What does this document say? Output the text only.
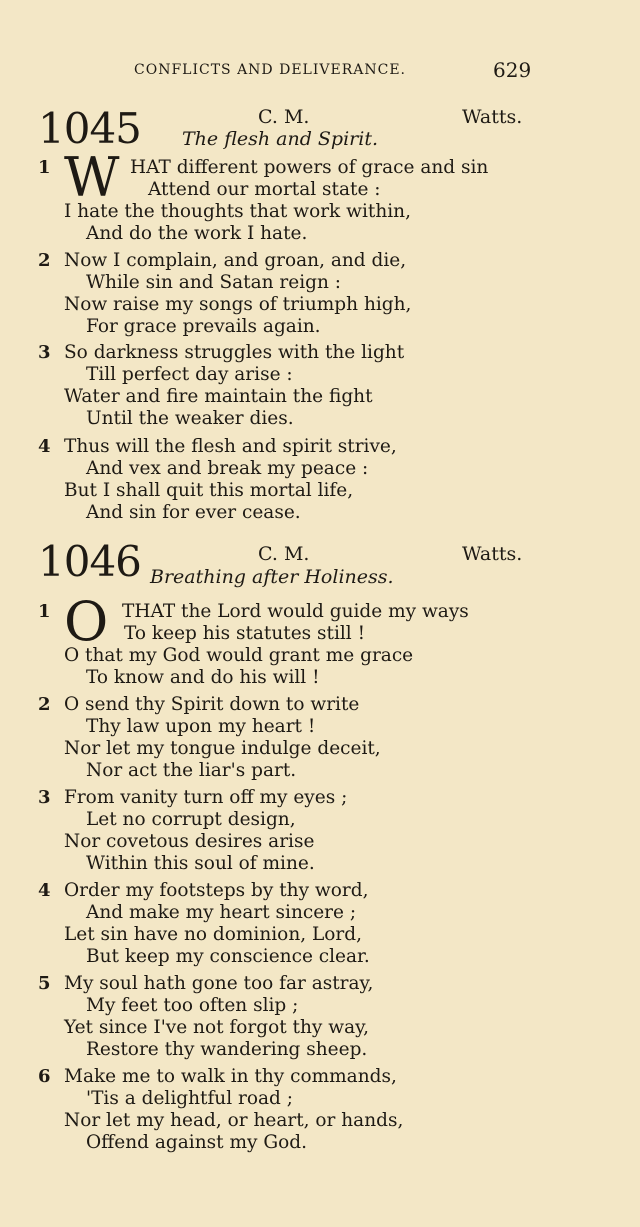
CONFLICTS AND DELIVERANCE.	629
1045	C. M.	Watts.
The flesh and Spirit.
1 W HAT different powers of grace and sin
Attend our mortal state :
I hate the thoughts that work within,
And do the work I hate.
2 Now I complain, and groan, and die,
While sin and Satan reign :
Now raise my songs of triumph high,
For grace prevails again.
3 So darkness struggles with the light
Till perfect day arise :
Water and fire maintain the fight
Until the weaker dies.
4 Thus will the flesh and spirit strive,
And vex and break my peace :
But I shall quit this mortal life,
And sin for ever cease.
1046	C. M.	Watts.
Breathing after Holiness.
1 O THAT the Lord would guide my ways
To keep his statutes still !
O that my God would grant me grace
To know and do his will !
2 O send thy Spirit down to write
Thy law upon my heart !
Nor let my tongue indulge deceit,
Nor act the liar's part.
3 From vanity turn off my eyes ;
Let no corrupt design,
Nor covetous desires arise
Within this soul of mine.
4 Order my footsteps by thy word,
And make my heart sincere ;
Let sin have no dominion, Lord,
But keep my conscience clear.
5 My soul hath gone too far astray,
My feet too often slip ;
Yet since I've not forgot thy way,
Restore thy wandering sheep.
6 Make me to walk in thy commands,
'Tis a delightful road ;
Nor let my head, or heart, or hands,
Offend against my God.
